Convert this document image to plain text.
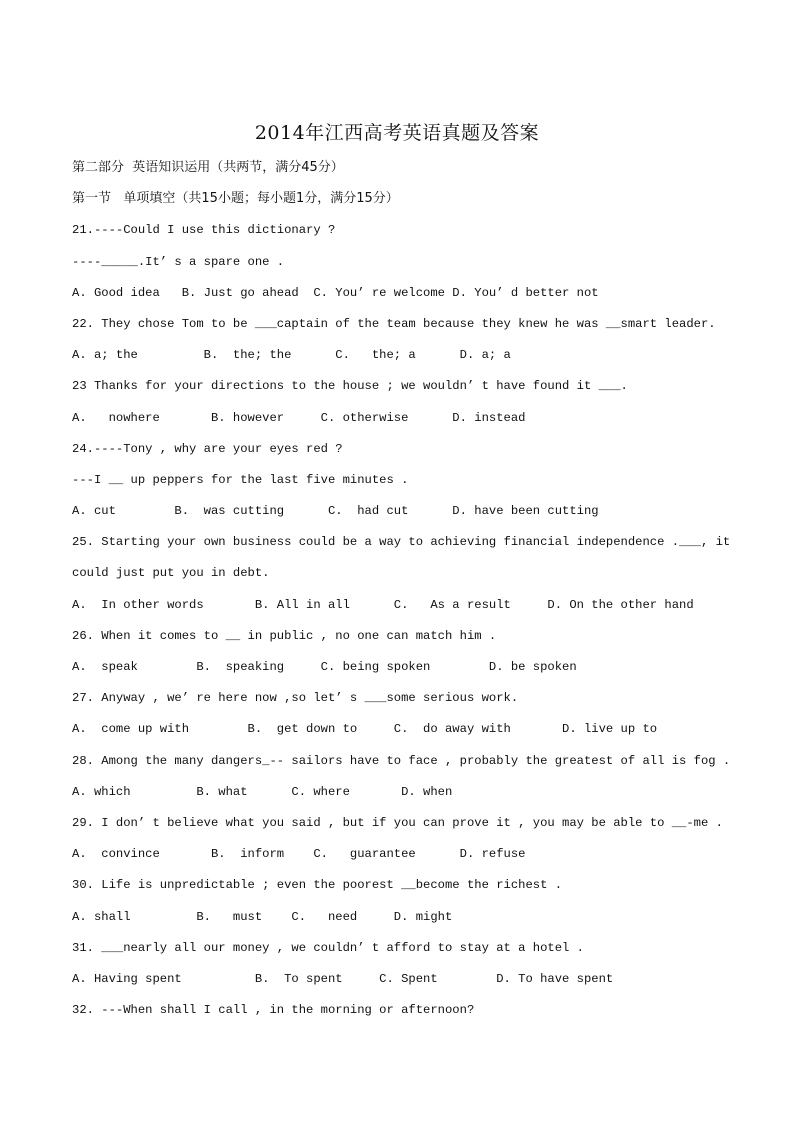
2014年江西高考英语真题及答案
第二部分  英语知识运用（共两节，满分45分）
第一节   单项填空（共15小题；每小题1分，满分15分）
21.----Could I use this dictionary ?
----_____.It’ s a spare one .
A. Good idea   B. Just go ahead  C. You’ re welcome D. You’ d better not
22. They chose Tom to be ___captain of the team because they knew he was __smart leader.
A. a; the         B.  the; the      C.   the; a      D. a; a
23 Thanks for your directions to the house ; we wouldn’ t have found it ___.
A.   nowhere       B. however     C. otherwise      D. instead
24.----Tony , why are your eyes red ?
---I __ up peppers for the last five minutes .
A. cut        B.  was cutting      C.  had cut      D. have been cutting
25. Starting your own business could be a way to achieving financial independence .___, it
could just put you in debt.
A.  In other words       B. All in all      C.   As a result     D. On the other hand
26. When it comes to __ in public , no one can match him .
A.  speak        B.  speaking     C. being spoken        D. be spoken
27. Anyway , we’ re here now ,so let’ s ___some serious work.
A.  come up with        B.  get down to     C.  do away with       D. live up to
28. Among the many dangers_-- sailors have to face , probably the greatest of all is fog .
A. which         B. what      C. where       D. when
29. I don’ t believe what you said , but if you can prove it , you may be able to __-me .
A.  convince       B.  inform    C.   guarantee      D. refuse
30. Life is unpredictable ; even the poorest __become the richest .
A. shall         B.   must    C.   need     D. might
31. ___nearly all our money , we couldn’ t afford to stay at a hotel .
A. Having spent          B.  To spent     C. Spent        D. To have spent
32. ---When shall I call , in the morning or afternoon?
